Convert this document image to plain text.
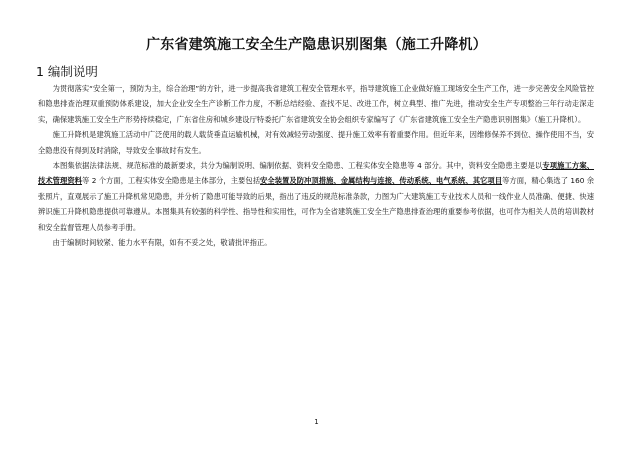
广东省建筑施工安全生产隐患识别图集（施工升降机）
1 编制说明

为贯彻落实“安全第一，预防为主，综合治理”的方针，进一步提高我省建筑工程安全管理水平，指导建筑施工企业做好施工现场安全生产工作，进一步完善安全风险管控和隐患排查治理双重预防体系建设，加大企业安全生产诊断工作力度，不断总结经验、查找不足、改进工作，树立典型、推广先进，推动安全生产专项整治三年行动走深走实，确保建筑施工安全生产形势持续稳定，广东省住房和城乡建设厅特委托广东省建筑安全协会组织专家编写了《广东省建筑施工安全生产隐患识别图集》（施工升降机）。

施工升降机是建筑施工活动中广泛使用的载人载货垂直运输机械，对有效减轻劳动强度、提升施工效率有着重要作用。但近年来，因维修保养不到位、操作使用不当，安全隐患没有得到及时消除，导致安全事故时有发生。

本图集依据法律法规、规范标准的最新要求，共分为编制说明、编制依据、资料安全隐患、工程实体安全隐患等 4 部分。其中，资料安全隐患主要是以专项施工方案、技术管理资料等 2 个方面，工程实体安全隐患是主体部分，主要包括安全装置及防冲顶措施、金属结构与连接、传动系统、电气系统、其它项目等方面，精心集选了 160 余张照片，直观展示了施工升降机常见隐患，并分析了隐患可能导致的后果，指出了违反的规范标准条款，力图为广大建筑施工专业技术人员和一线作业人员准确、便捷、快速辨识施工升降机隐患提供可靠遵从。本图集具有较强的科学性、指导性和实用性，可作为全省建筑施工安全生产隐患排查治理的重要参考依据，也可作为相关人员的培训教材和安全监督管理人员参考手册。

由于编制时间较紧、能力水平有限，如有不妥之处，敬请批评指正。

1
